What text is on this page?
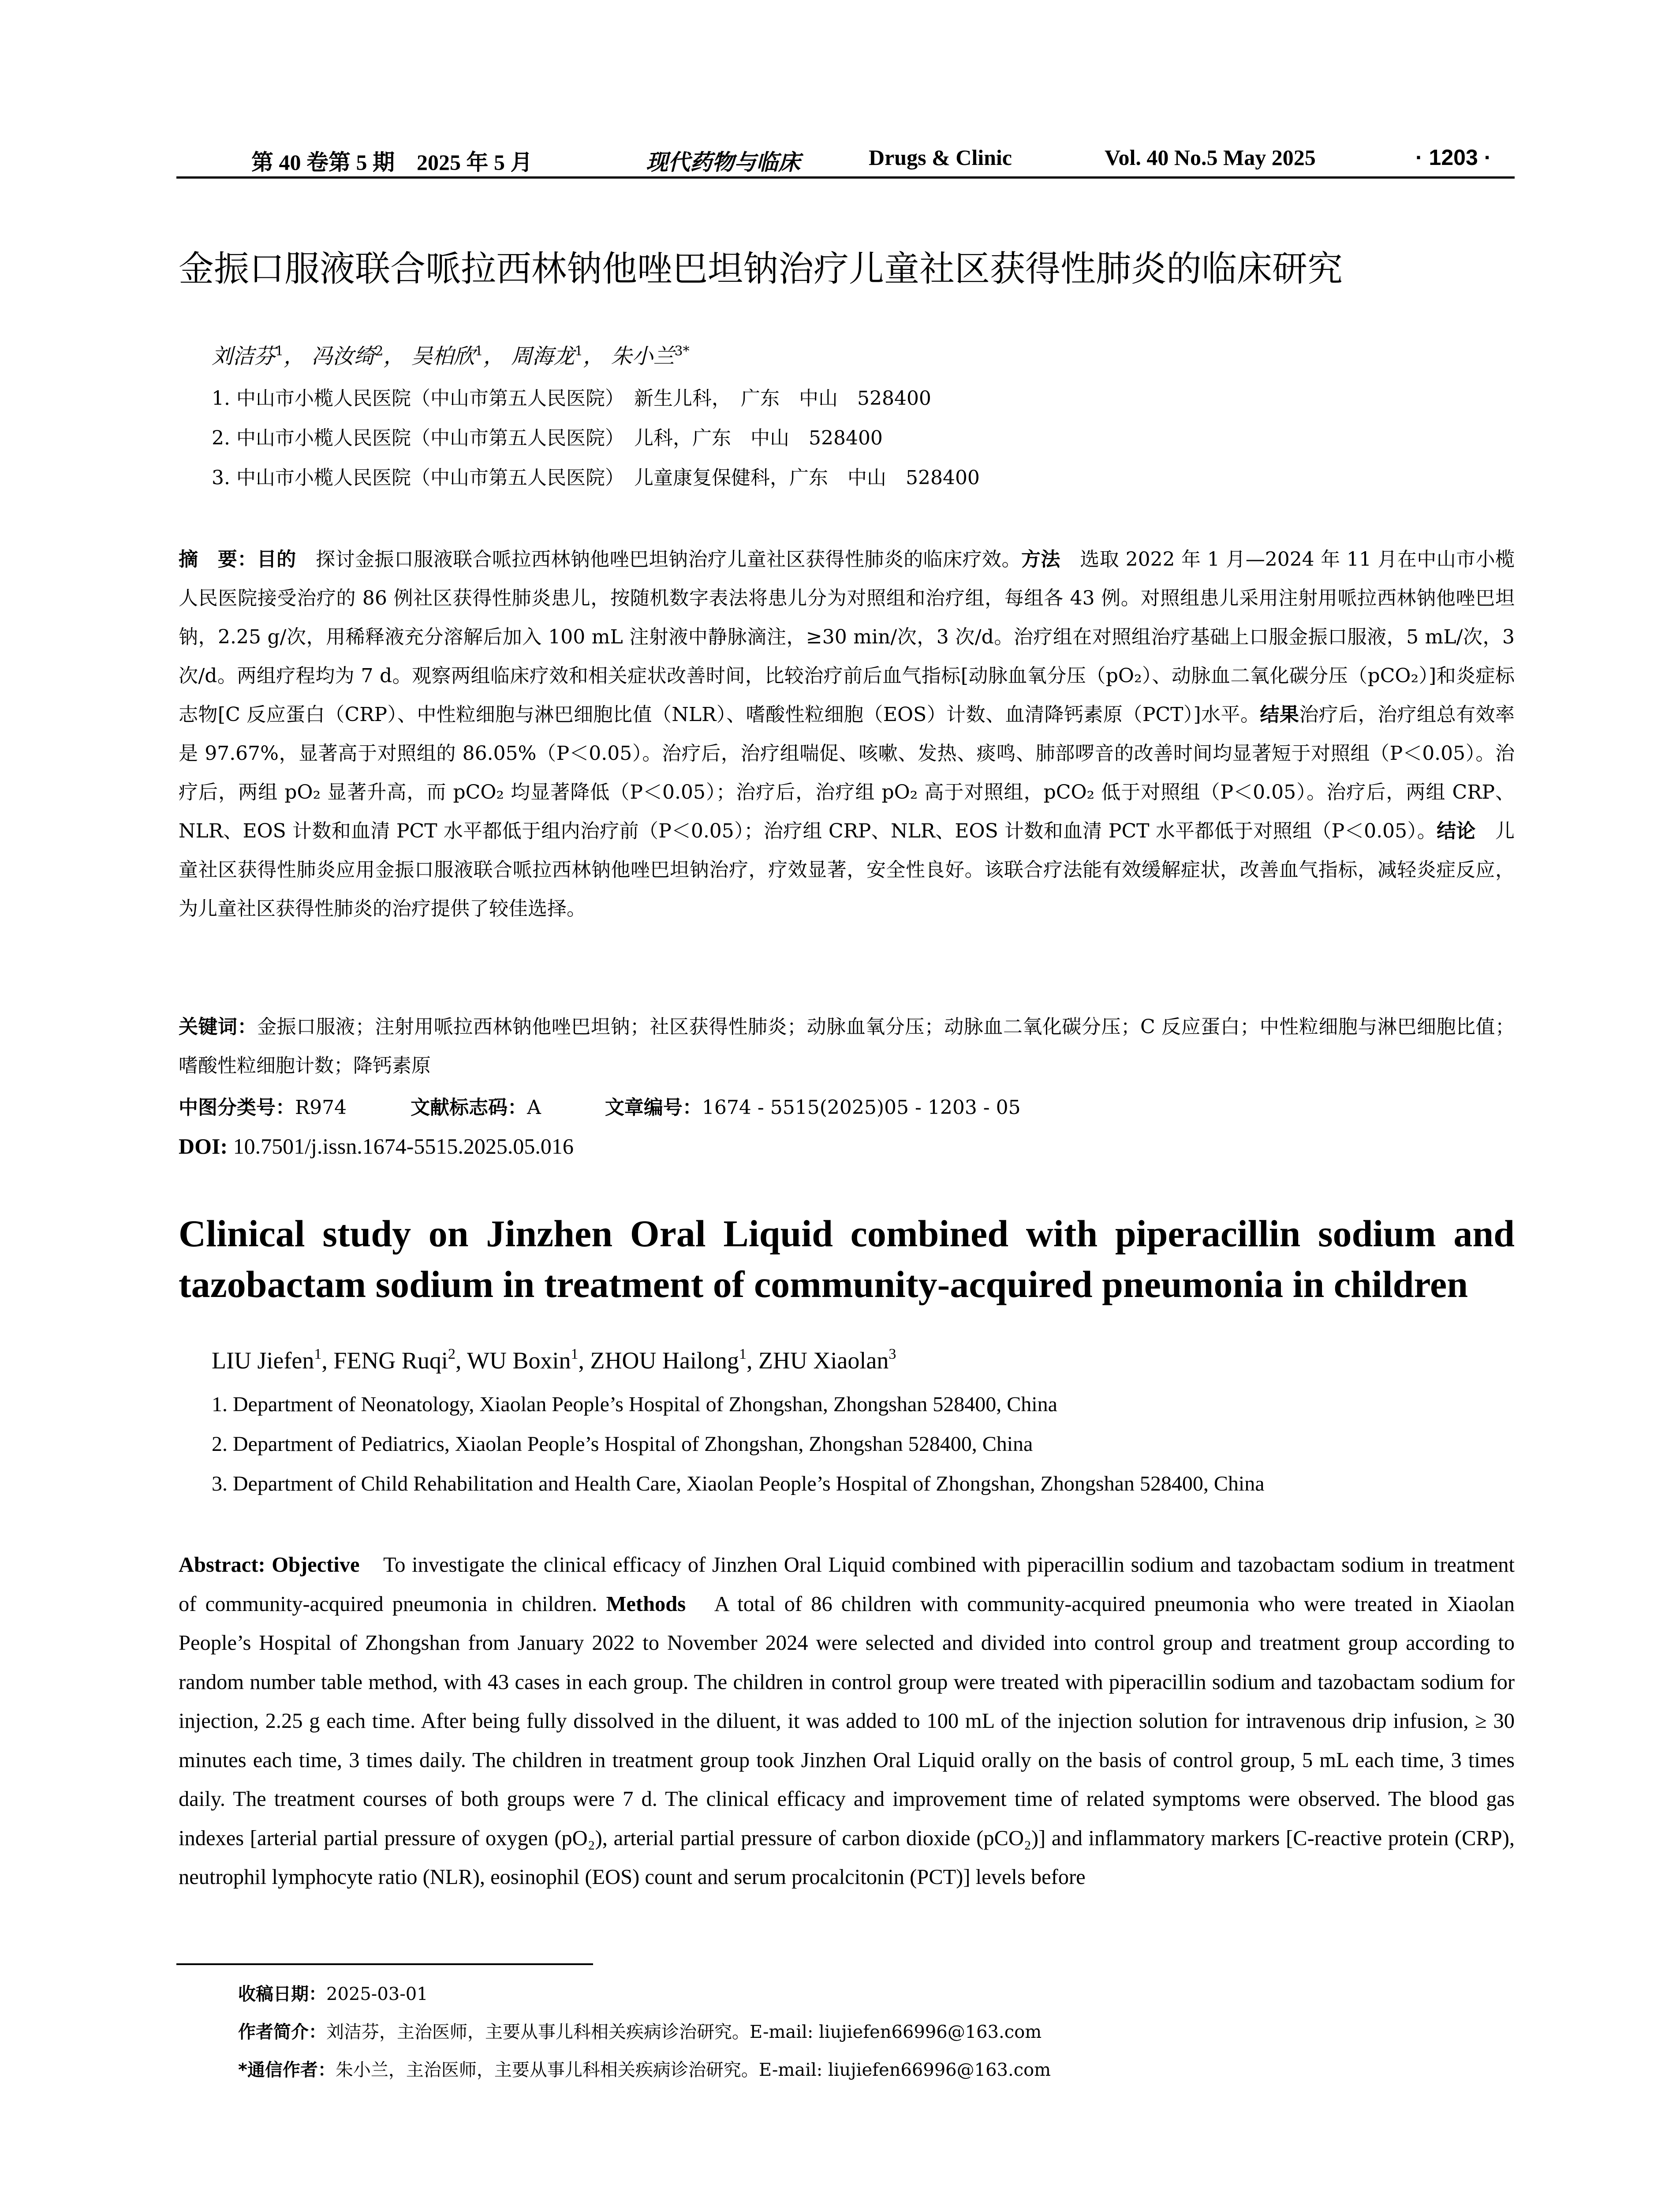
第 40 卷第 5 期　2025 年 5 月	现代药物与临床	Drugs & Clinic	Vol. 40 No.5 May 2025	· 1203 ·
金振口服液联合哌拉西林钠他唑巴坦钠治疗儿童社区获得性肺炎的临床研究
刘洁芬$^1$， 冯汝绮$^2$， 吴柏欣$^1$， 周海龙$^1$， 朱小兰$^{3*}$
1. 中山市小榄人民医院（中山市第五人民医院）　新生儿科，　广东　中山　528400
2. 中山市小榄人民医院（中山市第五人民医院）　儿科，广东　中山　528400
3. 中山市小榄人民医院（中山市第五人民医院）　儿童康复保健科，广东　中山　528400
摘　要：目的　探讨金振口服液联合哌拉西林钠他唑巴坦钠治疗儿童社区获得性肺炎的临床疗效。方法　选取 2022 年 1 月—2024 年 11 月在中山市小榄人民医院接受治疗的 86 例社区获得性肺炎患儿，按随机数字表法将患儿分为对照组和治疗组，每组各 43 例。对照组患儿采用注射用哌拉西林钠他唑巴坦钠，2.25 g/次，用稀释液充分溶解后加入 100 mL 注射液中静脉滴注，≥30 min/次，3 次/d。治疗组在对照组治疗基础上口服金振口服液，5 mL/次，3 次/d。两组疗程均为 7 d。观察两组临床疗效和相关症状改善时间，比较治疗前后血气指标[动脉血氧分压（pO₂）、动脉血二氧化碳分压（pCO₂）]和炎症标志物[C 反应蛋白（CRP）、中性粒细胞与淋巴细胞比值（NLR）、嗜酸性粒细胞（EOS）计数、血清降钙素原（PCT）]水平。结果治疗后，治疗组总有效率是 97.67%，显著高于对照组的 86.05%（P＜0.05）。治疗后，治疗组喘促、咳嗽、发热、痰鸣、肺部啰音的改善时间均显著短于对照组（P＜0.05）。治疗后，两组 pO₂ 显著升高，而 pCO₂ 均显著降低（P＜0.05）；治疗后，治疗组 pO₂ 高于对照组，pCO₂ 低于对照组（P＜0.05）。治疗后，两组 CRP、NLR、EOS 计数和血清 PCT 水平都低于组内治疗前（P＜0.05）；治疗组 CRP、NLR、EOS 计数和血清 PCT 水平都低于对照组（P＜0.05）。结论　儿童社区获得性肺炎应用金振口服液联合哌拉西林钠他唑巴坦钠治疗，疗效显著，安全性良好。该联合疗法能有效缓解症状，改善血气指标，减轻炎症反应，为儿童社区获得性肺炎的治疗提供了较佳选择。
关键词：金振口服液；注射用哌拉西林钠他唑巴坦钠；社区获得性肺炎；动脉血氧分压；动脉血二氧化碳分压；C 反应蛋白；中性粒细胞与淋巴细胞比值；嗜酸性粒细胞计数；降钙素原
中图分类号：R974	文献标志码：A	文章编号：1674 - 5515(2025)05 - 1203 - 05
DOI: 10.7501/j.issn.1674-5515.2025.05.016
Clinical study on Jinzhen Oral Liquid combined with piperacillin sodium and tazobactam sodium in treatment of community-acquired pneumonia in children
LIU Jiefen$^1$, FENG Ruqi$^2$, WU Boxin$^1$, ZHOU Hailong$^1$, ZHU Xiaolan$^3$
1. Department of Neonatology, Xiaolan People’s Hospital of Zhongshan, Zhongshan 528400, China
2. Department of Pediatrics, Xiaolan People’s Hospital of Zhongshan, Zhongshan 528400, China
3. Department of Child Rehabilitation and Health Care, Xiaolan People’s Hospital of Zhongshan, Zhongshan 528400, China
Abstract: Objective　To investigate the clinical efficacy of Jinzhen Oral Liquid combined with piperacillin sodium and tazobactam sodium in treatment of community-acquired pneumonia in children. Methods　A total of 86 children with community-acquired pneumonia who were treated in Xiaolan People’s Hospital of Zhongshan from January 2022 to November 2024 were selected and divided into control group and treatment group according to random number table method, with 43 cases in each group. The children in control group were treated with piperacillin sodium and tazobactam sodium for injection, 2.25 g each time. After being fully dissolved in the diluent, it was added to 100 mL of the injection solution for intravenous drip infusion, ≥ 30 minutes each time, 3 times daily. The children in treatment group took Jinzhen Oral Liquid orally on the basis of control group, 5 mL each time, 3 times daily. The treatment courses of both groups were 7 d. The clinical efficacy and improvement time of related symptoms were observed. The blood gas indexes [arterial partial pressure of oxygen (pO₂), arterial partial pressure of carbon dioxide (pCO₂)] and inflammatory markers [C-reactive protein (CRP), neutrophil lymphocyte ratio (NLR), eosinophil (EOS) count and serum procalcitonin (PCT)] levels before
收稿日期：2025-03-01
作者简介：刘洁芬，主治医师，主要从事儿科相关疾病诊治研究。E-mail: liujiefen66996@163.com
*通信作者：朱小兰，主治医师，主要从事儿科相关疾病诊治研究。E-mail: liujiefen66996@163.com
